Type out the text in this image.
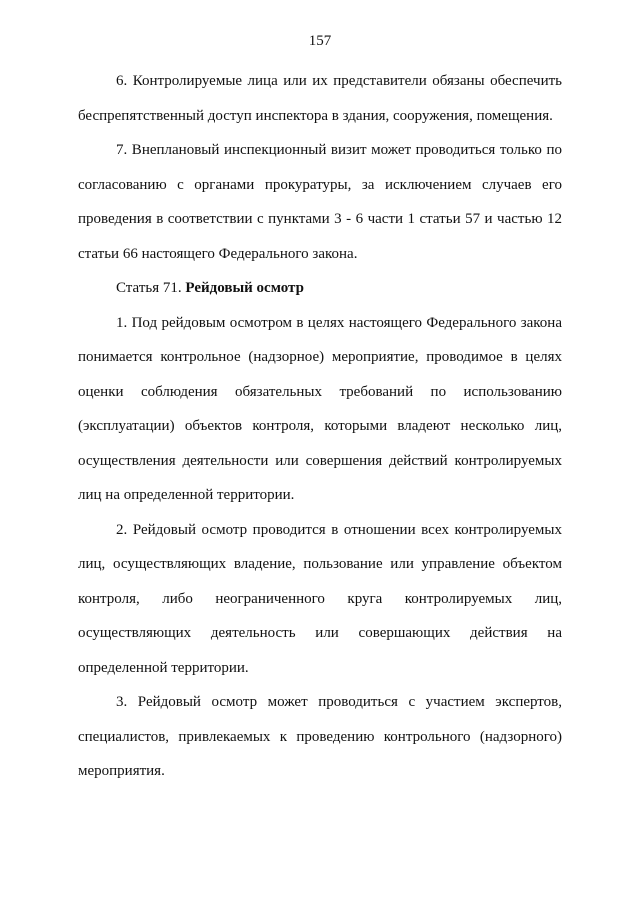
157

6. Контролируемые лица или их представители обязаны обеспечить беспрепятственный доступ инспектора в здания, сооружения, помещения.

7. Внеплановый инспекционный визит может проводиться только по согласованию с органами прокуратуры, за исключением случаев его проведения в соответствии с пунктами 3 - 6 части 1 статьи 57 и частью 12 статьи 66 настоящего Федерального закона.

Статья 71. Рейдовый осмотр

1. Под рейдовым осмотром в целях настоящего Федерального закона понимается контрольное (надзорное) мероприятие, проводимое в целях оценки соблюдения обязательных требований по использованию (эксплуатации) объектов контроля, которыми владеют несколько лиц, осуществления деятельности или совершения действий контролируемых лиц на определенной территории.

2. Рейдовый осмотр проводится в отношении всех контролируемых лиц, осуществляющих владение, пользование или управление объектом контроля, либо неограниченного круга контролируемых лиц, осуществляющих деятельность или совершающих действия на определенной территории.

3. Рейдовый осмотр может проводиться с участием экспертов, специалистов, привлекаемых к проведению контрольного (надзорного) мероприятия.
